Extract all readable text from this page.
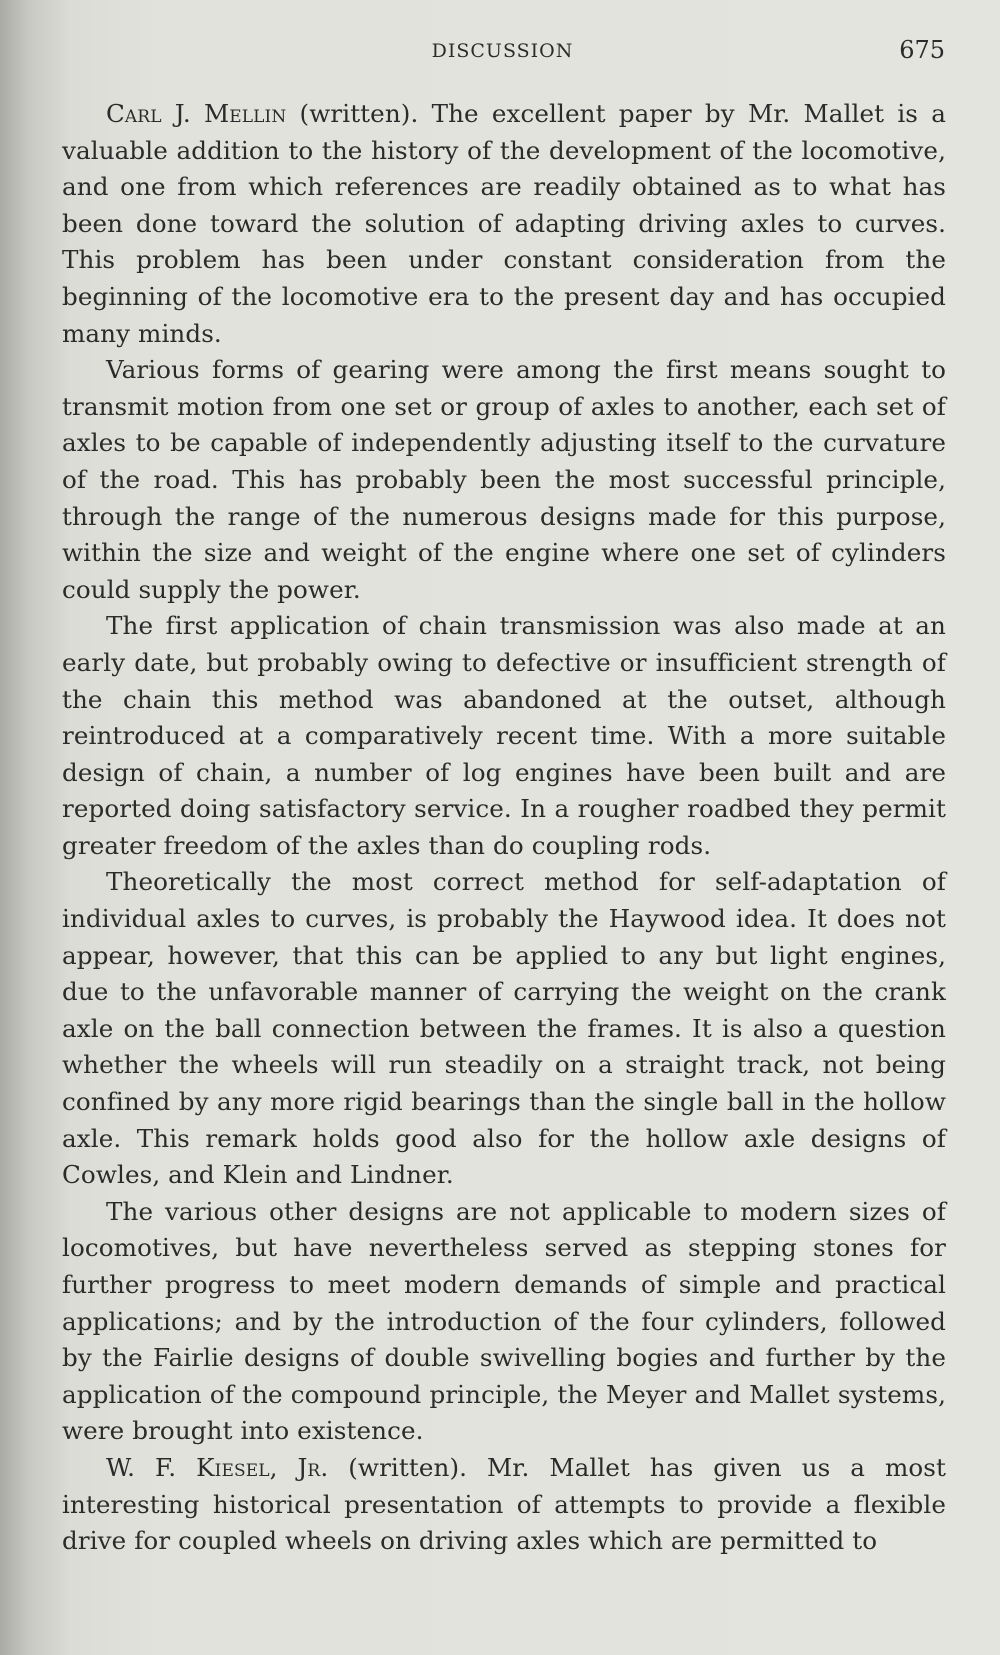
DISCUSSION	675

Carl J. Mellin (written). The excellent paper by Mr. Mallet is a valuable addition to the history of the development of the locomotive, and one from which references are readily obtained as to what has been done toward the solution of adapting driving axles to curves. This problem has been under constant consideration from the beginning of the locomotive era to the present day and has occupied many minds.

Various forms of gearing were among the first means sought to transmit motion from one set or group of axles to another, each set of axles to be capable of independently adjusting itself to the curvature of the road. This has probably been the most successful principle, through the range of the numerous designs made for this purpose, within the size and weight of the engine where one set of cylinders could supply the power.

The first application of chain transmission was also made at an early date, but probably owing to defective or insufficient strength of the chain this method was abandoned at the outset, although reintroduced at a comparatively recent time. With a more suitable design of chain, a number of log engines have been built and are reported doing satisfactory service. In a rougher roadbed they permit greater freedom of the axles than do coupling rods.

Theoretically the most correct method for self-adaptation of individual axles to curves, is probably the Haywood idea. It does not appear, however, that this can be applied to any but light engines, due to the unfavorable manner of carrying the weight on the crank axle on the ball connection between the frames. It is also a question whether the wheels will run steadily on a straight track, not being confined by any more rigid bearings than the single ball in the hollow axle. This remark holds good also for the hollow axle designs of Cowles, and Klein and Lindner.

The various other designs are not applicable to modern sizes of locomotives, but have nevertheless served as stepping stones for further progress to meet modern demands of simple and practical applications; and by the introduction of the four cylinders, followed by the Fairlie designs of double swivelling bogies and further by the application of the compound principle, the Meyer and Mallet systems, were brought into existence.

W. F. Kiesel, Jr. (written). Mr. Mallet has given us a most interesting historical presentation of attempts to provide a flexible drive for coupled wheels on driving axles which are permitted to
